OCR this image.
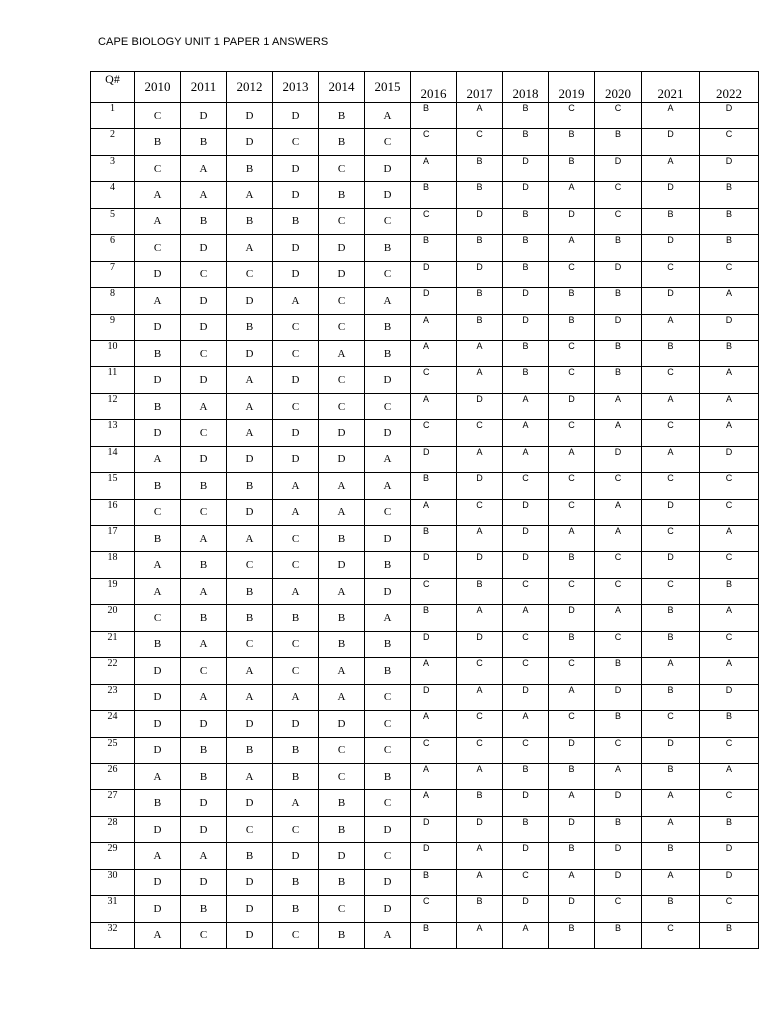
CAPE BIOLOGY UNIT 1 PAPER 1 ANSWERS
Q#	2010	2011	2012	2013	2014	2015	2016	2017	2018	2019	2020	2021	2022
1	C	D	D	D	B	A	B	A	B	C	C	A	D
2	B	B	D	C	B	C	C	C	B	B	B	D	C
3	C	A	B	D	C	D	A	B	D	B	D	A	D
4	A	A	A	D	B	D	B	B	D	A	C	D	B
5	A	B	B	B	C	C	C	D	B	D	C	B	B
6	C	D	A	D	D	B	B	B	B	A	B	D	B
7	D	C	C	D	D	C	D	D	B	C	D	C	C
8	A	D	D	A	C	A	D	B	D	B	B	D	A
9	D	D	B	C	C	B	A	B	D	B	D	A	D
10	B	C	D	C	A	B	A	A	B	C	B	B	B
11	D	D	A	D	C	D	C	A	B	C	B	C	A
12	B	A	A	C	C	C	A	D	A	D	A	A	A
13	D	C	A	D	D	D	C	C	A	C	A	C	A
14	A	D	D	D	D	A	D	A	A	A	D	A	D
15	B	B	B	A	A	A	B	D	C	C	C	C	C
16	C	C	D	A	A	C	A	C	D	C	A	D	C
17	B	A	A	C	B	D	B	A	D	A	A	C	A
18	A	B	C	C	D	B	D	D	D	B	C	D	C
19	A	A	B	A	A	D	C	B	C	C	C	C	B
20	C	B	B	B	B	A	B	A	A	D	A	B	A
21	B	A	C	C	B	B	D	D	C	B	C	B	C
22	D	C	A	C	A	B	A	C	C	C	B	A	A
23	D	A	A	A	A	C	D	A	D	A	D	B	D
24	D	D	D	D	D	C	A	C	A	C	B	C	B
25	D	B	B	B	C	C	C	C	C	D	C	D	C
26	A	B	A	B	C	B	A	A	B	B	A	B	A
27	B	D	D	A	B	C	A	B	D	A	D	A	C
28	D	D	C	C	B	D	D	D	B	D	B	A	B
29	A	A	B	D	D	C	D	A	D	B	D	B	D
30	D	D	D	B	B	D	B	A	C	A	D	A	D
31	D	B	D	B	C	D	C	B	D	D	C	B	C
32	A	C	D	C	B	A	B	A	A	B	B	C	B
